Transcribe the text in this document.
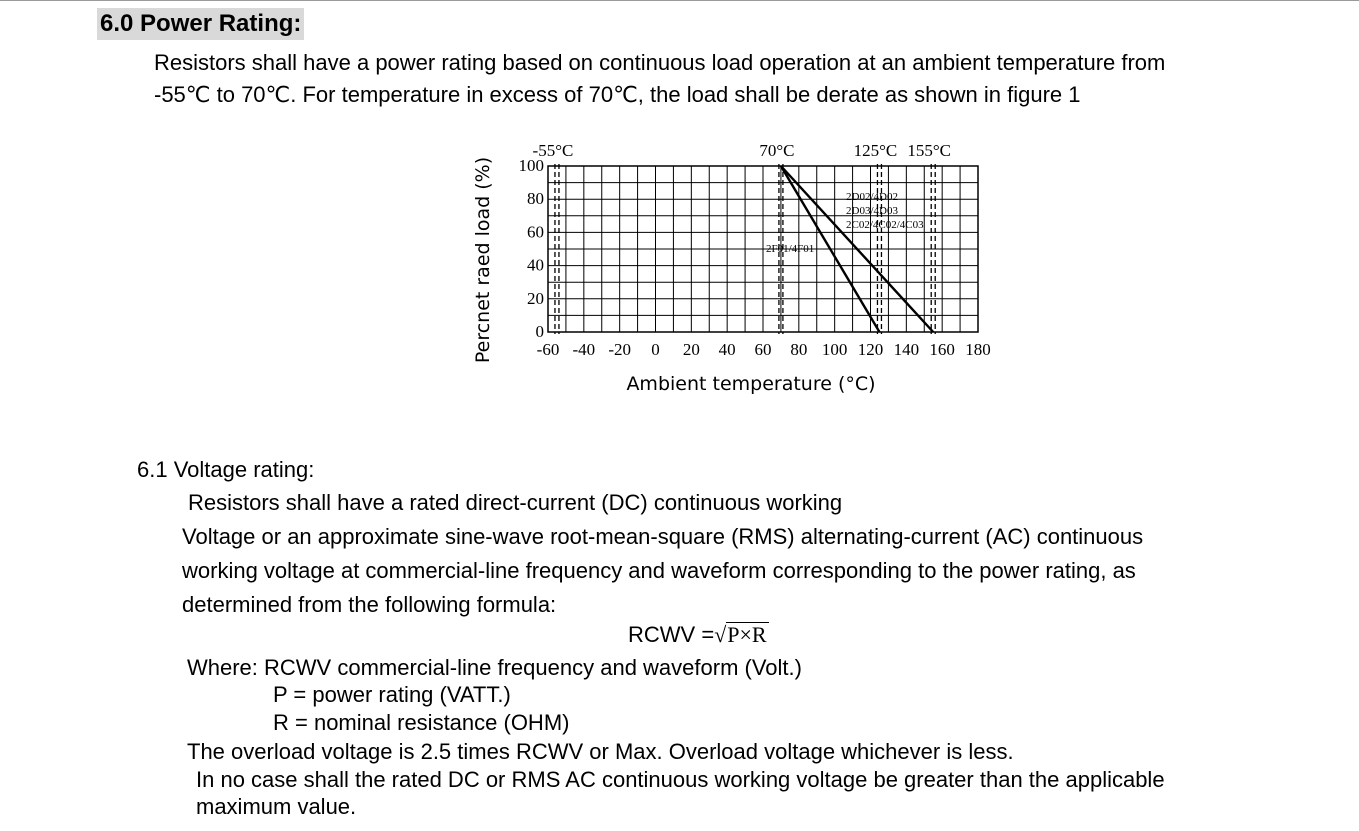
6.0 Power Rating:
Resistors shall have a power rating based on continuous load operation at an ambient temperature from
-55℃ to 70℃. For temperature in excess of 70℃, the load shall be derate as shown in figure 1
-60 -40 -20 0 20 40 60 80 100 120 140 160 180
0
20
40
60
80
100
-55°C	70°C	125°C 155°C
Percnet raed load (%)
Ambient temperature (°C)
2D02/4D02
2D03/4D03
2C02/4C02/4C03
2F01/4F01
6.1 Voltage rating:
Resistors shall have a rated direct-current (DC) continuous working
Voltage or an approximate sine-wave root-mean-square (RMS) alternating-current (AC) continuous
working voltage at commercial-line frequency and waveform corresponding to the power rating, as
determined from the following formula:
RCWV =√P×R
Where: RCWV commercial-line frequency and waveform (Volt.)
P = power rating (VATT.)
R = nominal resistance (OHM)
The overload voltage is 2.5 times RCWV or Max. Overload voltage whichever is less.
In no case shall the rated DC or RMS AC continuous working voltage be greater than the applicable
maximum value.
